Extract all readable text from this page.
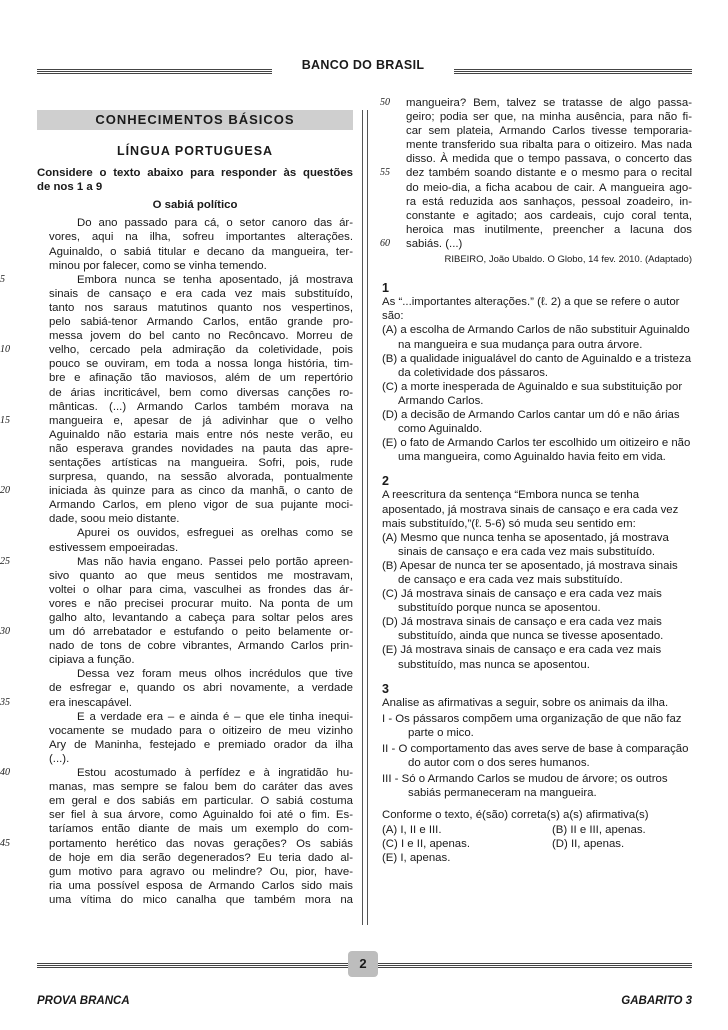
BANCO DO BRASIL
CONHECIMENTOS BÁSICOS
LÍNGUA PORTUGUESA
Considere o texto abaixo para responder às questões
de nos 1 a 9
O sabiá político
Do ano passado para cá, o setor canoro das ár-
vores, aqui na ilha, sofreu importantes alterações.
Aguinaldo, o sabiá titular e decano da mangueira, ter-
minou por falecer, como se vinha temendo.
5	Embora nunca se tenha aposentado, já mostrava
sinais de cansaço e era cada vez mais substituído,
tanto nos saraus matutinos quanto nos vespertinos,
pelo sabiá-tenor Armando Carlos, então grande pro-
messa jovem do bel canto no Recôncavo. Morreu de
10	velho, cercado pela admiração da coletividade, pois
pouco se ouviram, em toda a nossa longa história, tim-
bre e afinação tão maviosos, além de um repertório
de árias incriticável, bem como diversas canções ro-
mânticas. (...) Armando Carlos também morava na
15	mangueira e, apesar de já adivinhar que o velho
Aguinaldo não estaria mais entre nós neste verão, eu
não esperava grandes novidades na pauta das apre-
sentações artísticas na mangueira. Sofri, pois, rude
surpresa, quando, na sessão alvorada, pontualmente
20	iniciada às quinze para as cinco da manhã, o canto de
Armando Carlos, em pleno vigor de sua pujante moci-
dade, soou meio distante.
Apurei os ouvidos, esfreguei as orelhas como se
estivessem empoeiradas.
25	Mas não havia engano. Passei pelo portão apreen-
sivo quanto ao que meus sentidos me mostravam,
voltei o olhar para cima, vasculhei as frondes das ár-
vores e não precisei procurar muito. Na ponta de um
galho alto, levantando a cabeça para soltar pelos ares
30	um dó arrebatador e estufando o peito belamente or-
nado de tons de cobre vibrantes, Armando Carlos prin-
cipiava a função.
Dessa vez foram meus olhos incrédulos que tive
de esfregar e, quando os abri novamente, a verdade
35	era inescapável.
E a verdade era – e ainda é – que ele tinha inequi-
vocamente se mudado para o oitizeiro de meu vizinho
Ary de Maninha, festejado e premiado orador da ilha
(...).
40	Estou acostumado à perfídez e à ingratidão hu-
manas, mas sempre se falou bem do caráter das aves
em geral e dos sabiás em particular. O sabiá costuma
ser fiel à sua árvore, como Aguinaldo foi até o fim. Es-
taríamos então diante de mais um exemplo do com-
45	portamento herético das novas gerações? Os sabiás
de hoje em dia serão degenerados? Eu teria dado al-
gum motivo para agravo ou melindre? Ou, pior, have-
ria uma possível esposa de Armando Carlos sido mais
uma vítima do mico canalha que também mora na
50	mangueira? Bem, talvez se tratasse de algo passa-
geiro; podia ser que, na minha ausência, para não fi-
car sem plateia, Armando Carlos tivesse temporaria-
mente transferido sua ribalta para o oitizeiro. Mas nada
disso. À medida que o tempo passava, o concerto das
55	dez também soando distante e o mesmo para o recital
do meio-dia, a ficha acabou de cair. A mangueira ago-
ra está reduzida aos sanhaços, pessoal zoadeiro, in-
constante e agitado; aos cardeais, cujo coral tenta,
heroica mas inutilmente, preencher a lacuna dos
60	sabiás. (...)
RIBEIRO, João Ubaldo. O Globo, 14 fev. 2010. (Adaptado)
1
As “...importantes alterações.” (ℓ. 2) a que se refere o autor são:
(A) a escolha de Armando Carlos de não substituir Aguinaldo na mangueira e sua mudança para outra árvore.
(B) a qualidade inigualável do canto de Aguinaldo e a tristeza da coletividade dos pássaros.
(C) a morte inesperada de Aguinaldo e sua substituição por Armando Carlos.
(D) a decisão de Armando Carlos cantar um dó e não árias como Aguinaldo.
(E) o fato de Armando Carlos ter escolhido um oitizeiro e não uma mangueira, como Aguinaldo havia feito em vida.
2
A reescritura da sentença “Embora nunca se tenha aposentado, já mostrava sinais de cansaço e era cada vez mais substituído,”(ℓ. 5-6) só muda seu sentido em:
(A) Mesmo que nunca tenha se aposentado, já mostrava sinais de cansaço e era cada vez mais substituído.
(B) Apesar de nunca ter se aposentado, já mostrava sinais de cansaço e era cada vez mais substituído.
(C) Já mostrava sinais de cansaço e era cada vez mais substituído porque nunca se aposentou.
(D) Já mostrava sinais de cansaço e era cada vez mais substituído, ainda que nunca se tivesse aposentado.
(E) Já mostrava sinais de cansaço e era cada vez mais substituído, mas nunca se aposentou.
3
Analise as afirmativas a seguir, sobre os animais da ilha.
I - Os pássaros compõem uma organização de que não faz parte o mico.
II - O comportamento das aves serve de base à comparação do autor com o dos seres humanos.
III - Só o Armando Carlos se mudou de árvore; os outros sabiás permaneceram na mangueira.
Conforme o texto, é(são) correta(s) a(s) afirmativa(s)
(A) I, II e III.	(B) II e III, apenas.
(C) I e II, apenas.	(D) II, apenas.
(E) I, apenas.
2
PROVA BRANCA	GABARITO 3
